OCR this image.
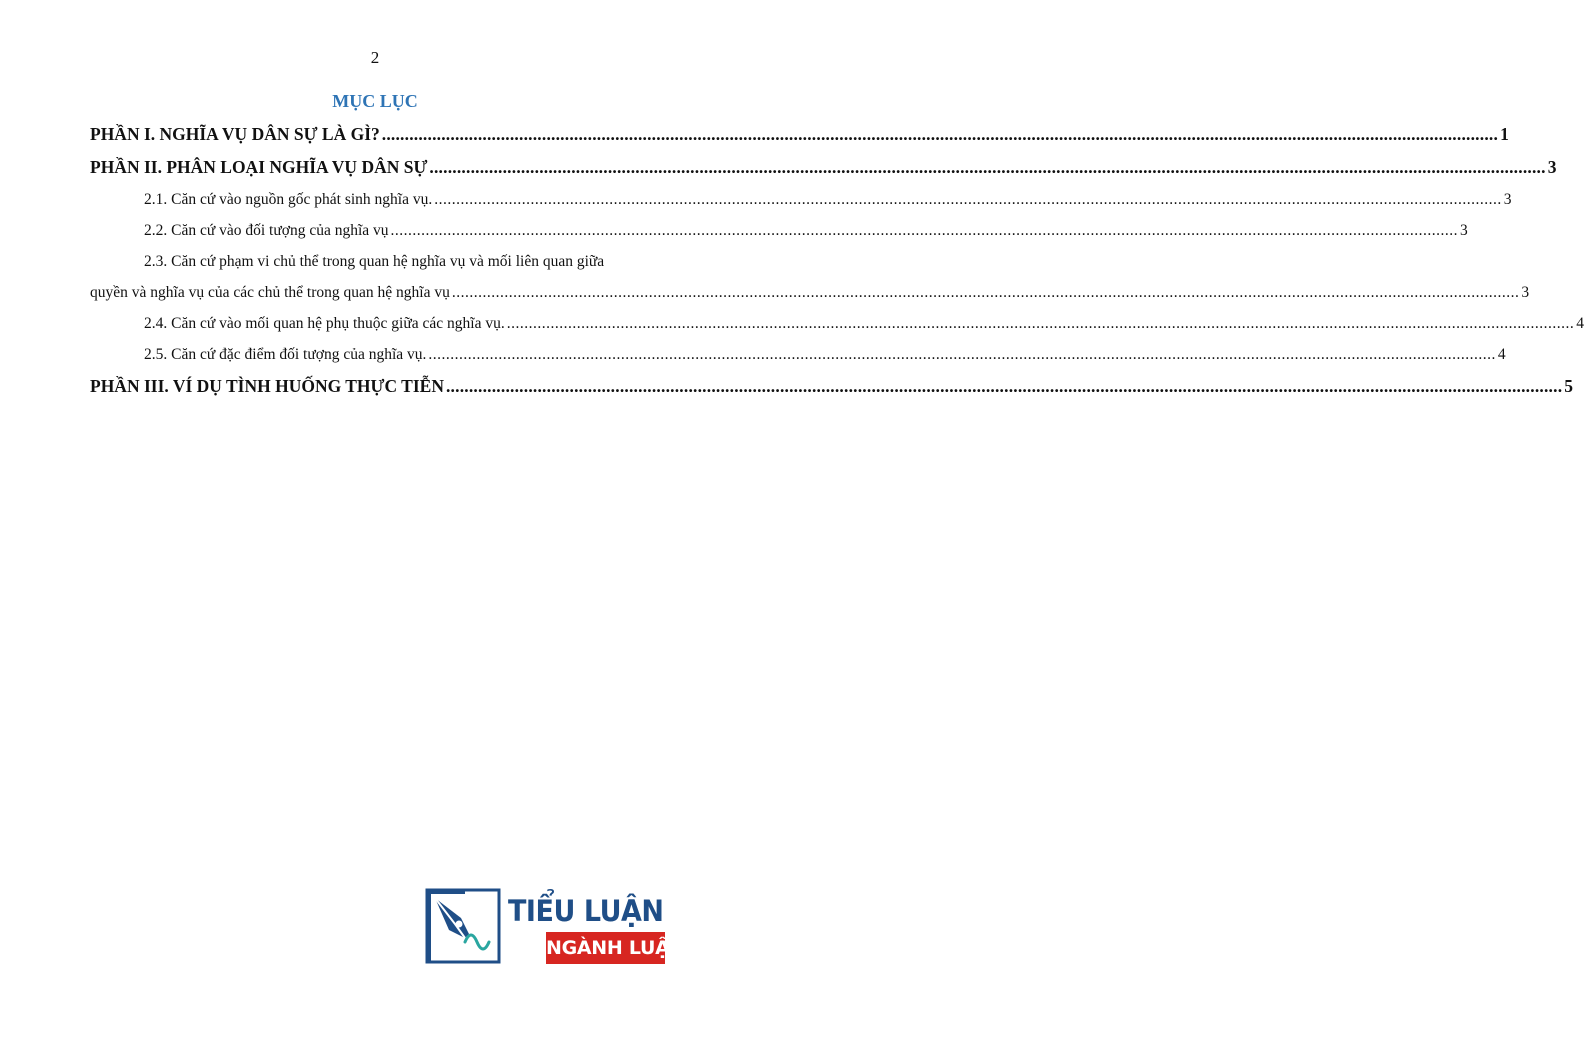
2
MỤC LỤC
PHẦN I. NGHĨA VỤ DÂN SỰ LÀ GÌ? .....	1
PHẦN II. PHÂN LOẠI NGHĨA VỤ DÂN SỰ .....	3
2.1. Căn cứ vào nguồn gốc phát sinh nghĩa vụ. .....	3
2.2. Căn cứ vào đối tượng của nghĩa vụ .....	3
2.3. Căn cứ phạm vi chủ thể trong quan hệ nghĩa vụ và mối liên quan giữa
quyền và nghĩa vụ của các chủ thể trong quan hệ nghĩa vụ .....	3
2.4. Căn cứ vào mối quan hệ phụ thuộc giữa các nghĩa vụ. .....	4
2.5. Căn cứ đặc điểm đối tượng của nghĩa vụ. .....	4
PHẦN III. VÍ DỤ TÌNH HUỐNG THỰC TIỄN .....	5
TIỂU LUẬN
NGÀNH LUẬT
